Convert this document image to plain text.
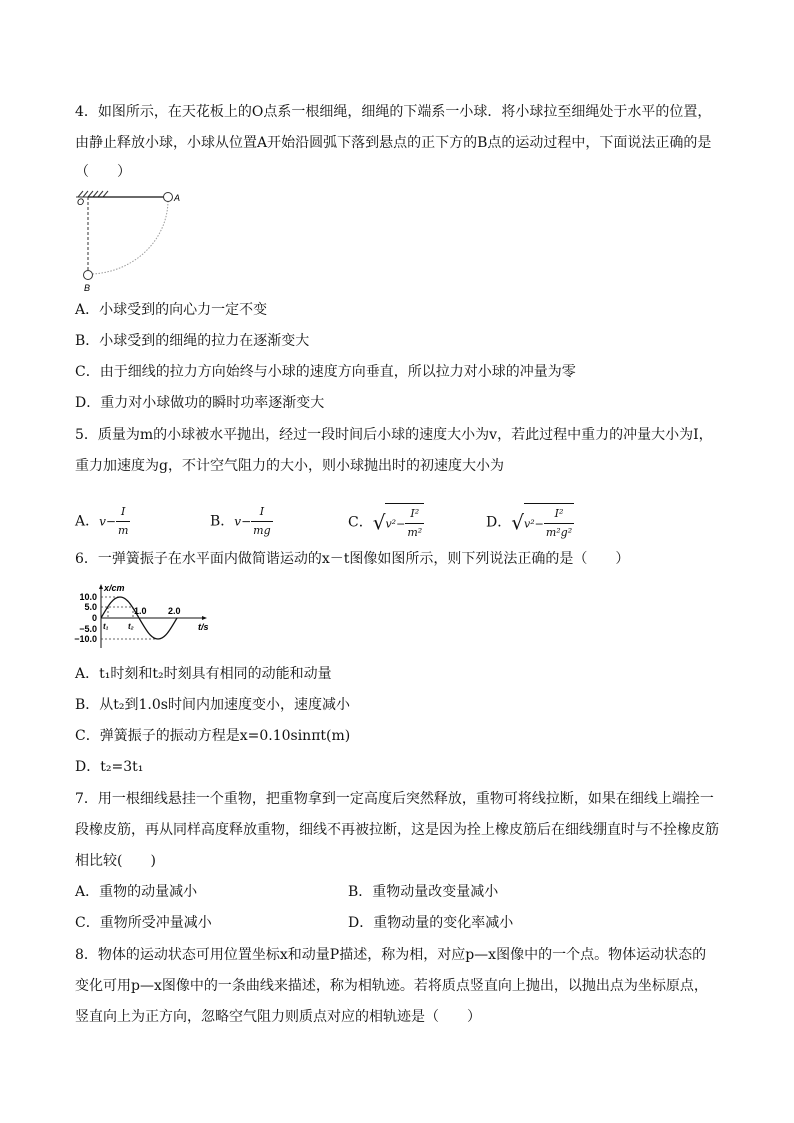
4．如图所示，在天花板上的O点系一根细绳，细绳的下端系一小球．将小球拉至细绳处于水平的位置，
由静止释放小球，小球从位置A开始沿圆弧下落到悬点的正下方的B点的运动过程中，下面说法正确的是
（　　）
O	A
B
A．小球受到的向心力一定不变
B．小球受到的细绳的拉力在逐渐变大
C．由于细线的拉力方向始终与小球的速度方向垂直，所以拉力对小球的冲量为零
D．重力对小球做功的瞬时功率逐渐变大
5．质量为m的小球被水平抛出，经过一段时间后小球的速度大小为v，若此过程中重力的冲量大小为I，
重力加速度为g，不计空气阻力的大小，则小球抛出时的初速度大小为
A．$v- \frac{I}{m}$	B．$v- \frac{I}{mg}$	C．$√v^2- \frac{\text{I²}}{\text{m²}}$	D．$√v^2- \frac{\text{I²}}{\text{m²g²}}$
6．一弹簧振子在水平面内做简谐运动的x－t图像如图所示，则下列说法正确的是（　　）
x/cm
t/s
10.0
5.0
0
−5.0
−10.0
1.0 2.0
t₁ t₂
A．t₁时刻和t₂时刻具有相同的动能和动量
B．从t₂到1.0s时间内加速度变小，速度减小
C．弹簧振子的振动方程是x=0.10sinπt(m)
D．t₂=3t₁
7．用一根细线悬挂一个重物，把重物拿到一定高度后突然释放，重物可将线拉断，如果在细线上端拴一
段橡皮筋，再从同样高度释放重物，细线不再被拉断，这是因为拴上橡皮筋后在细线绷直时与不拴橡皮筋
相比较(　　)
A．重物的动量减小	B．重物动量改变量减小
C．重物所受冲量减小	D．重物动量的变化率减小
8．物体的运动状态可用位置坐标x和动量P描述，称为相，对应p—x图像中的一个点。物体运动状态的
变化可用p—x图像中的一条曲线来描述，称为相轨迹。若将质点竖直向上抛出，以抛出点为坐标原点，
竖直向上为正方向，忽略空气阻力则质点对应的相轨迹是（　　）
